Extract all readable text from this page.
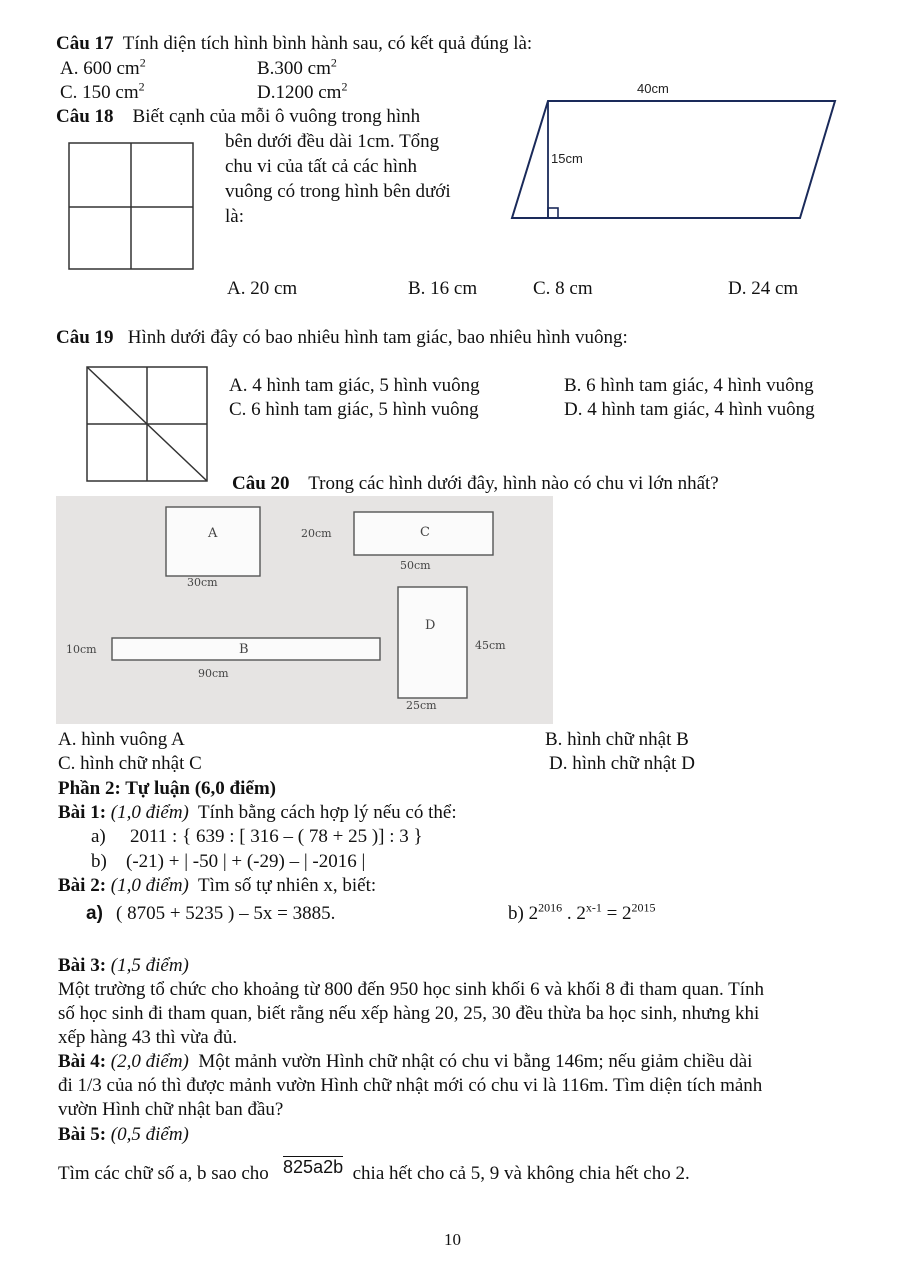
Câu 17 Tính diện tích hình bình hành sau, có kết quả đúng là:
A. 600 $cm^2$	B.300 $cm^2$
C. 150 $cm^2$	D.1200 $cm^2$	40cm
15cm
Câu 18 Biết cạnh của mỗi ô vuông trong hình
bên dưới đều dài 1cm. Tổng
chu vi của tất cả các hình
vuông có trong hình bên dưới
là:
A. 20 cm	B. 16 cm	C. 8 cm	D. 24 cm
Câu 19 Hình dưới đây có bao nhiêu hình tam giác, bao nhiêu hình vuông:
A. 4 hình tam giác, 5 hình vuông	B. 6 hình tam giác, 4 hình vuông
C. 6 hình tam giác, 5 hình vuông	D. 4 hình tam giác, 4 hình vuông
Câu 20 Trong các hình dưới đây, hình nào có chu vi lớn nhất?
A
30cm
C
20cm
50cm
B
10cm
90cm
D
45cm
25cm
A. hình vuông A	B. hình chữ nhật B
C. hình chữ nhật C	D. hình chữ nhật D
Phần 2: Tự luận (6,0 điểm)
Bài 1: (1,0 điểm) Tính bằng cách hợp lý nếu có thể:
a) 2011 : { 639 : [ 316 – ( 78 + 25 )] : 3 }
b) (-21) + | -50 | + (-29) – | -2016 |
Bài 2: (1,0 điểm) Tìm số tự nhiên x, biết:
a) ( 8705 + 5235 ) – 5x = 3885.	b) $2^{2016}$ . $2^{x-1} = 2^{2015}$
Bài 3: (1,5 điểm)
Một trường tổ chức cho khoảng từ 800 đến 950 học sinh khối 6 và khối 8 đi tham quan. Tính
số học sinh đi tham quan, biết rằng nếu xếp hàng 20, 25, 30 đều thừa ba học sinh, nhưng khi
xếp hàng 43 thì vừa đủ.
Bài 4: (2,0 điểm) Một mảnh vườn Hình chữ nhật có chu vi bằng 146m; nếu giảm chiều dài
đi 1/3 của nó thì được mảnh vườn Hình chữ nhật mới có chu vi là 116m. Tìm diện tích mảnh
vườn Hình chữ nhật ban đầu?
Bài 5: (0,5 điểm)
Tìm các chữ số a, b sao cho 825a2b chia hết cho cả 5, 9 và không chia hết cho 2.
10
